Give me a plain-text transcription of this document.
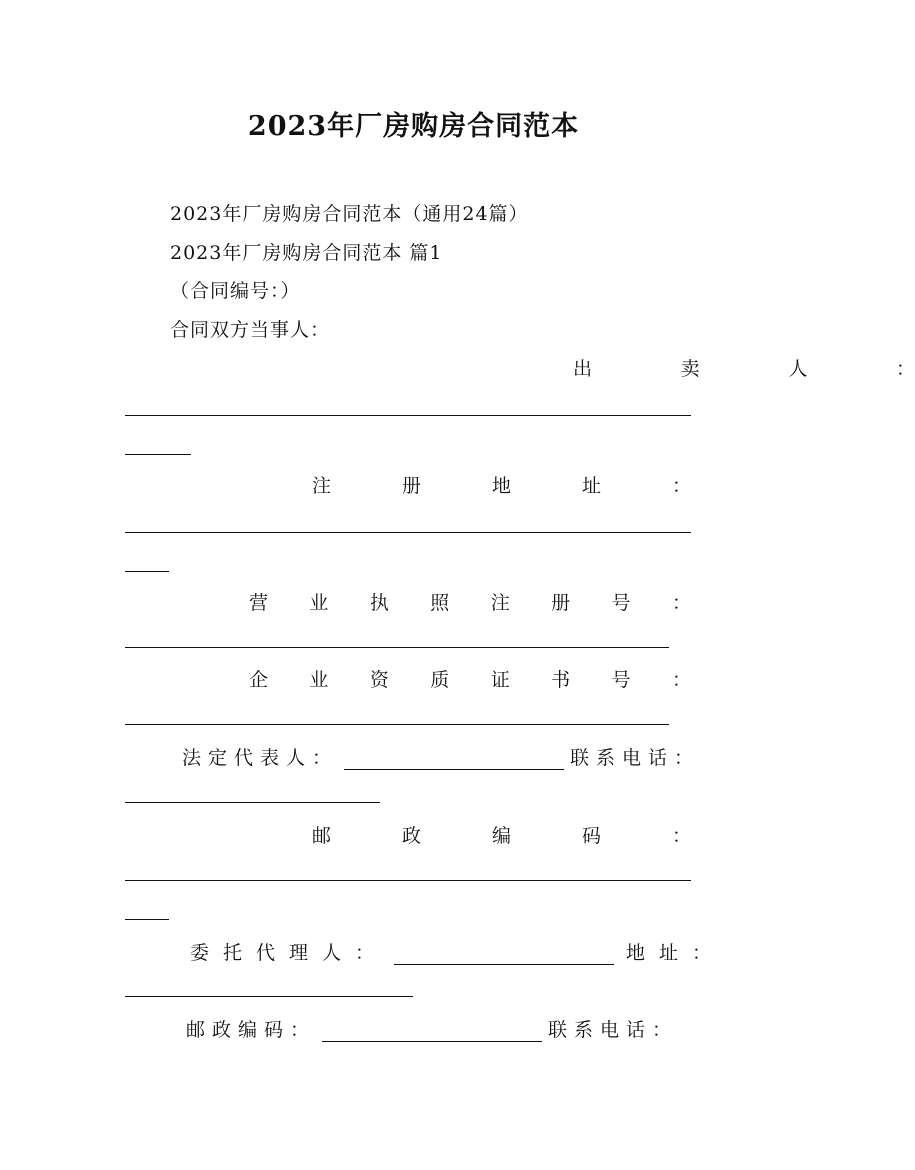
2023年厂房购房合同范本
2023年厂房购房合同范本（通用24篇）
2023年厂房购房合同范本 篇1
（合同编号：）
合同双方当事人：
出	卖	人	：
注	册	地	址	：
营 业 执 照 注 册 号 ：
企 业 资 质 证 书 号 ：
法定代表人：	联系电话：
邮	政	编	码	：
委托代理人：	地址：
邮政编码：	联系电话：
